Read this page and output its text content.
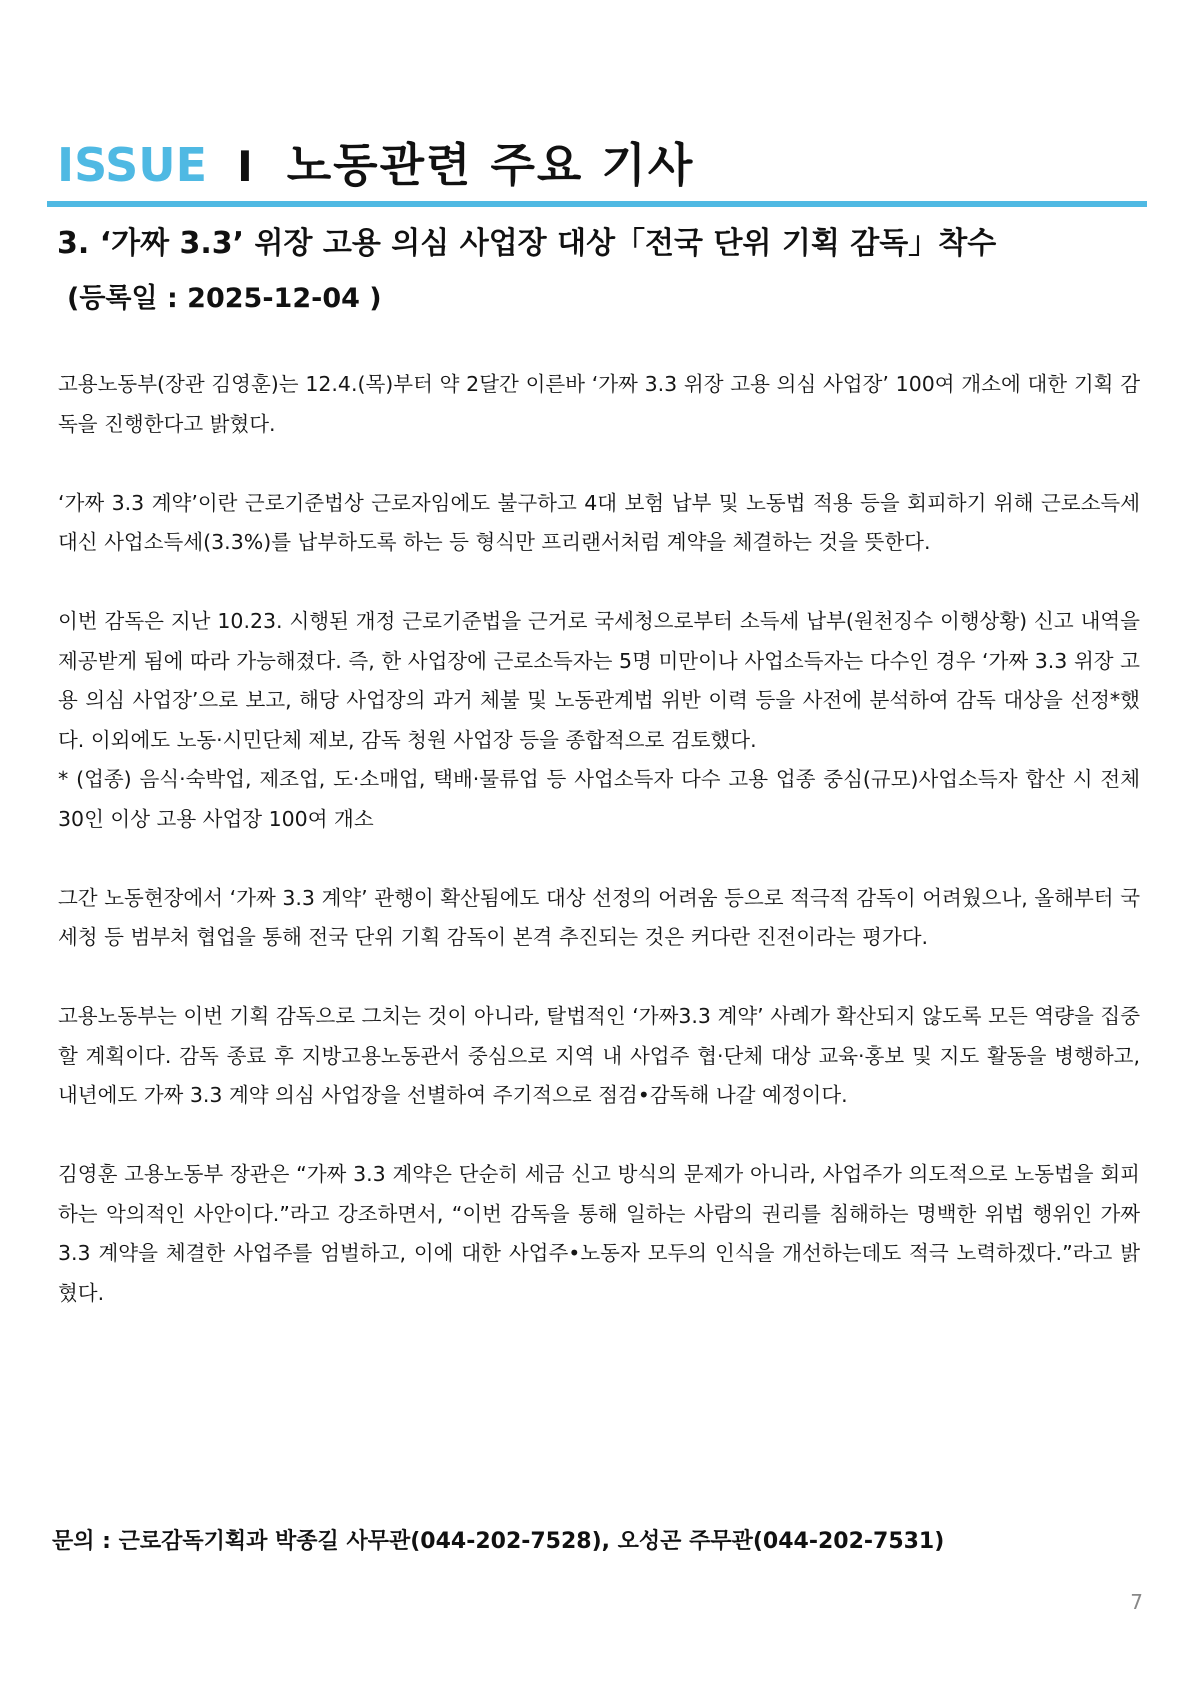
ISSUE I 노동관련 주요 기사
3. ‘가짜 3.3’ 위장 고용 의심 사업장 대상「전국 단위 기획 감독」착수
(등록일 : 2025-12-04 )

고용노동부(장관 김영훈)는 12.4.(목)부터 약 2달간 이른바 ‘가짜 3.3 위장 고용 의심 사업장’ 100여 개소에 대한 기획 감독을 진행한다고 밝혔다.

‘가짜 3.3 계약’이란 근로기준법상 근로자임에도 불구하고 4대 보험 납부 및 노동법 적용 등을 회피하기 위해 근로소득세 대신 사업소득세(3.3%)를 납부하도록 하는 등 형식만 프리랜서처럼 계약을 체결하는 것을 뜻한다.

이번 감독은 지난 10.23. 시행된 개정 근로기준법을 근거로 국세청으로부터 소득세 납부(원천징수 이행상황) 신고 내역을 제공받게 됨에 따라 가능해졌다. 즉, 한 사업장에 근로소득자는 5명 미만이나 사업소득자는 다수인 경우 ‘가짜 3.3 위장 고용 의심 사업장’으로 보고, 해당 사업장의 과거 체불 및 노동관계법 위반 이력 등을 사전에 분석하여 감독 대상을 선정*했다. 이외에도 노동·시민단체 제보, 감독 청원 사업장 등을 종합적으로 검토했다.

* (업종) 음식·숙박업, 제조업, 도·소매업, 택배·물류업 등 사업소득자 다수 고용 업종 중심(규모)사업소득자 합산 시 전체 30인 이상 고용 사업장 100여 개소

그간 노동현장에서 ‘가짜 3.3 계약’ 관행이 확산됨에도 대상 선정의 어려움 등으로 적극적 감독이 어려웠으나, 올해부터 국세청 등 범부처 협업을 통해 전국 단위 기획 감독이 본격 추진되는 것은 커다란 진전이라는 평가다.

고용노동부는 이번 기획 감독으로 그치는 것이 아니라, 탈법적인 ‘가짜3.3 계약’ 사례가 확산되지 않도록 모든 역량을 집중할 계획이다. 감독 종료 후 지방고용노동관서 중심으로 지역 내 사업주 협·단체 대상 교육·홍보 및 지도 활동을 병행하고, 내년에도 가짜 3.3 계약 의심 사업장을 선별하여 주기적으로 점검•감독해 나갈 예정이다.

김영훈 고용노동부 장관은 “가짜 3.3 계약은 단순히 세금 신고 방식의 문제가 아니라, 사업주가 의도적으로 노동법을 회피하는 악의적인 사안이다.”라고 강조하면서, “이번 감독을 통해 일하는 사람의 권리를 침해하는 명백한 위법 행위인 가짜 3.3 계약을 체결한 사업주를 엄벌하고, 이에 대한 사업주•노동자 모두의 인식을 개선하는데도 적극 노력하겠다.”라고 밝혔다.

문의 : 근로감독기획과 박종길 사무관(044-202-7528), 오성곤 주무관(044-202-7531)
7
